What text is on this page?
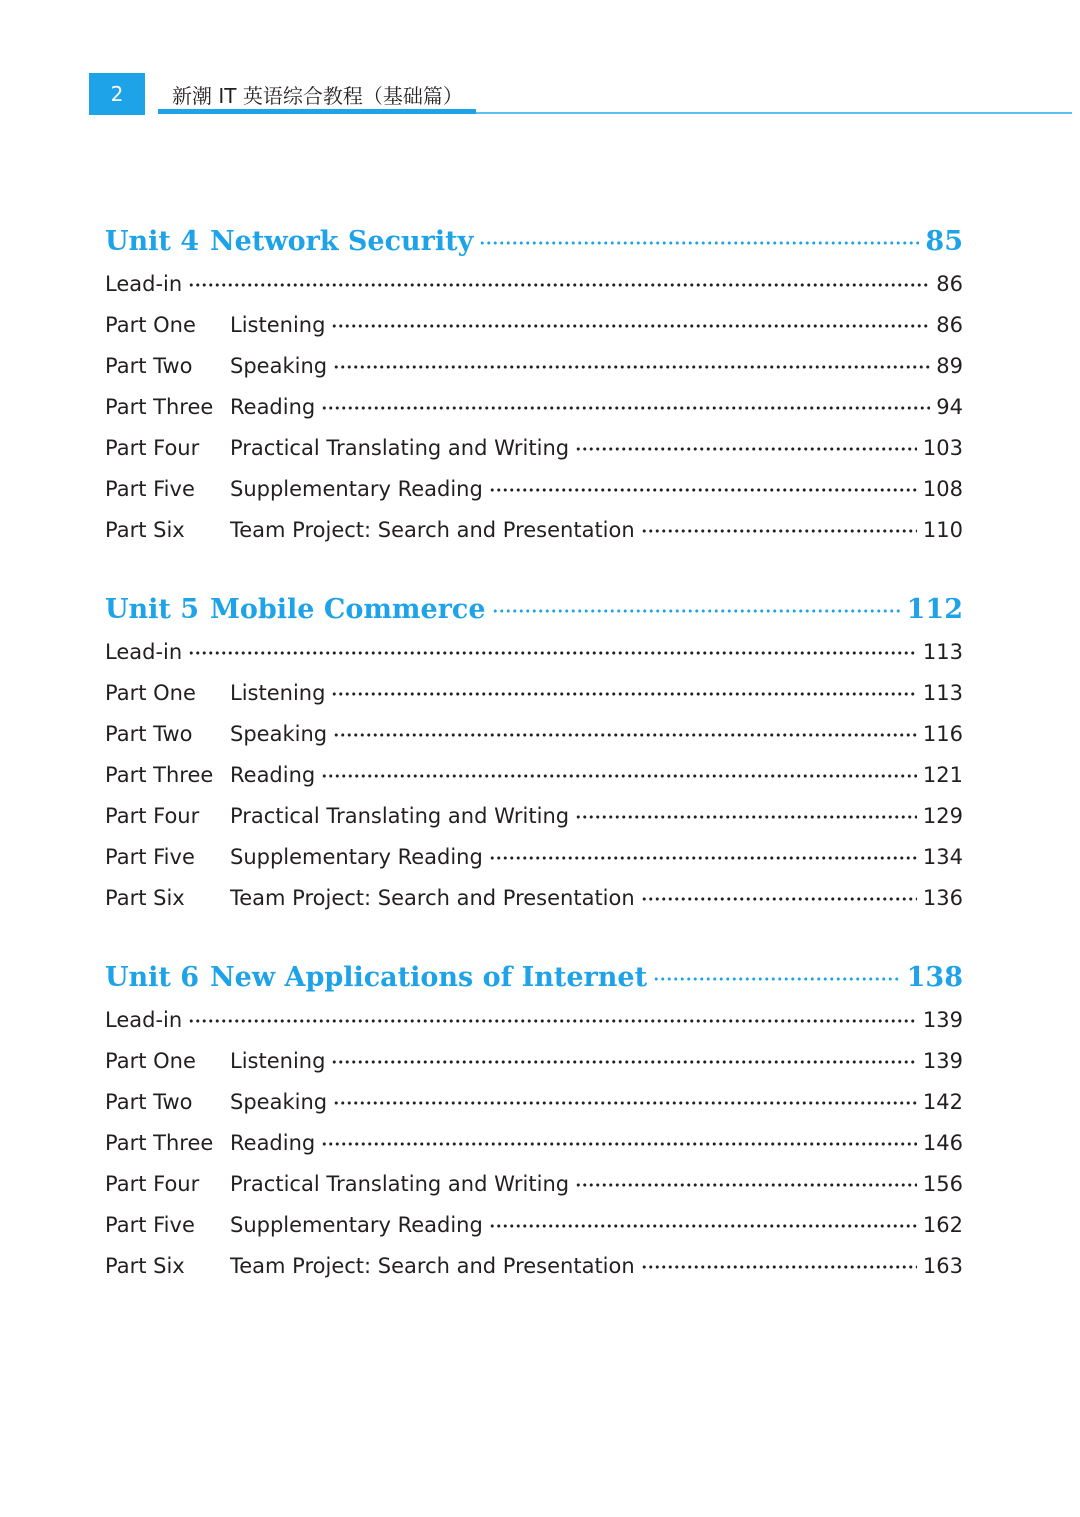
2	新潮 IT 英语综合教程（基础篇）
Unit 4 Network Security	85
Lead-in	86
Part One	Listening	86
Part Two	Speaking	89
Part Three Reading	94
Part Four	Practical Translating and Writing	103
Part Five	Supplementary Reading	108
Part Six	Team Project: Search and Presentation	110
Unit 5 Mobile Commerce	112
Lead-in	113
Part One	Listening	113
Part Two	Speaking	116
Part Three Reading	121
Part Four	Practical Translating and Writing	129
Part Five	Supplementary Reading	134
Part Six	Team Project: Search and Presentation	136
Unit 6 New Applications of Internet	138
Lead-in	139
Part One	Listening	139
Part Two	Speaking	142
Part Three Reading	146
Part Four	Practical Translating and Writing	156
Part Five	Supplementary Reading	162
Part Six	Team Project: Search and Presentation	163
